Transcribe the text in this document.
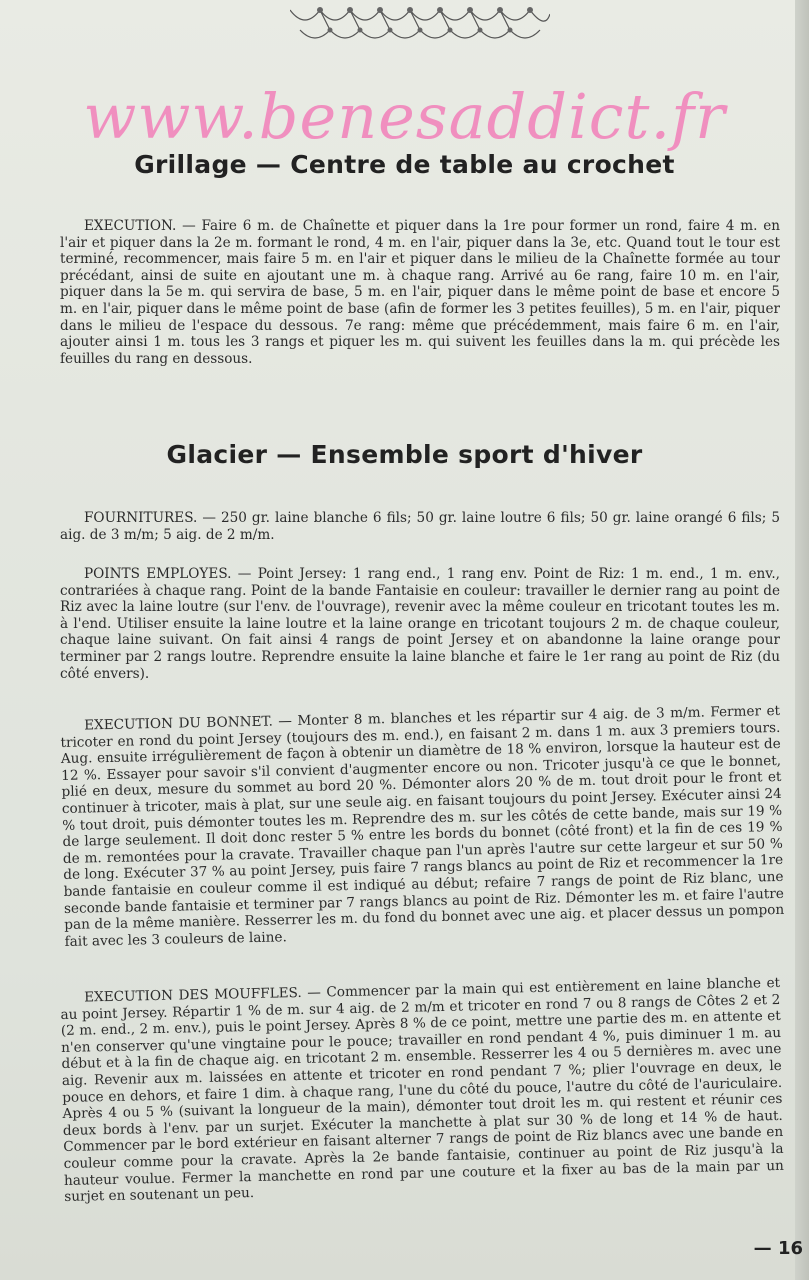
www.benesaddict.fr
Grillage — Centre de table au crochet
EXECUTION. — Faire 6 m. de Chaînette et piquer dans la 1re pour former un rond, faire 4 m. en l'air et piquer dans la 2e m. formant le rond, 4 m. en l'air, piquer dans la 3e, etc. Quand tout le tour est terminé, recommencer, mais faire 5 m. en l'air et piquer dans le milieu de la Chaînette formée au tour précédant, ainsi de suite en ajoutant une m. à chaque rang. Arrivé au 6e rang, faire 10 m. en l'air, piquer dans la 5e m. qui servira de base, 5 m. en l'air, piquer dans le même point de base et encore 5 m. en l'air, piquer dans le même point de base (afin de former les 3 petites feuilles), 5 m. en l'air, piquer dans le milieu de l'espace du dessous. 7e rang: même que précédemment, mais faire 6 m. en l'air, ajouter ainsi 1 m. tous les 3 rangs et piquer les m. qui suivent les feuilles dans la m. qui précède les feuilles du rang en dessous.
Glacier — Ensemble sport d'hiver
FOURNITURES. — 250 gr. laine blanche 6 fils; 50 gr. laine loutre 6 fils; 50 gr. laine orangé 6 fils; 5 aig. de 3 m/m; 5 aig. de 2 m/m.
POINTS EMPLOYES. — Point Jersey: 1 rang end., 1 rang env. Point de Riz: 1 m. end., 1 m. env., contrariées à chaque rang. Point de la bande Fantaisie en couleur: travailler le dernier rang au point de Riz avec la laine loutre (sur l'env. de l'ouvrage), revenir avec la même couleur en tricotant toutes les m. à l'end. Utiliser ensuite la laine loutre et la laine orange en tricotant toujours 2 m. de chaque couleur, chaque laine suivant. On fait ainsi 4 rangs de point Jersey et on abandonne la laine orange pour terminer par 2 rangs loutre. Reprendre ensuite la laine blanche et faire le 1er rang au point de Riz (du côté envers).
EXECUTION DU BONNET. — Monter 8 m. blanches et les répartir sur 4 aig. de 3 m/m. Fermer et tricoter en rond du point Jersey (toujours des m. end.), en faisant 2 m. dans 1 m. aux 3 premiers tours. Aug. ensuite irrégulièrement de façon à obtenir un diamètre de 18 % environ, lorsque la hauteur est de 12 %. Essayer pour savoir s'il convient d'augmenter encore ou non. Tricoter jusqu'à ce que le bonnet, plié en deux, mesure du sommet au bord 20 %. Démonter alors 20 % de m. tout droit pour le front et continuer à tricoter, mais à plat, sur une seule aig. en faisant toujours du point Jersey. Exécuter ainsi 24 % tout droit, puis démonter toutes les m. Reprendre des m. sur les côtés de cette bande, mais sur 19 % de large seulement. Il doit donc rester 5 % entre les bords du bonnet (côté front) et la fin de ces 19 % de m. remontées pour la cravate. Travailler chaque pan l'un après l'autre sur cette largeur et sur 50 % de long. Exécuter 37 % au point Jersey, puis faire 7 rangs blancs au point de Riz et recommencer la 1re bande fantaisie en couleur comme il est indiqué au début; refaire 7 rangs de point de Riz blanc, une seconde bande fantaisie et terminer par 7 rangs blancs au point de Riz. Démonter les m. et faire l'autre pan de la même manière. Resserrer les m. du fond du bonnet avec une aig. et placer dessus un pompon fait avec les 3 couleurs de laine.
EXECUTION DES MOUFFLES. — Commencer par la main qui est entièrement en laine blanche et au point Jersey. Répartir 1 % de m. sur 4 aig. de 2 m/m et tricoter en rond 7 ou 8 rangs de Côtes 2 et 2 (2 m. end., 2 m. env.), puis le point Jersey. Après 8 % de ce point, mettre une partie des m. en attente et n'en conserver qu'une vingtaine pour le pouce; travailler en rond pendant 4 %, puis diminuer 1 m. au début et à la fin de chaque aig. en tricotant 2 m. ensemble. Resserrer les 4 ou 5 dernières m. avec une aig. Revenir aux m. laissées en attente et tricoter en rond pendant 7 %; plier l'ouvrage en deux, le pouce en dehors, et faire 1 dim. à chaque rang, l'une du côté du pouce, l'autre du côté de l'auriculaire. Après 4 ou 5 % (suivant la longueur de la main), démonter tout droit les m. qui restent et réunir ces deux bords à l'env. par un surjet. Exécuter la manchette à plat sur 30 % de long et 14 % de haut. Commencer par le bord extérieur en faisant alterner 7 rangs de point de Riz blancs avec une bande en couleur comme pour la cravate. Après la 2e bande fantaisie, continuer au point de Riz jusqu'à la hauteur voulue. Fermer la manchette en rond par une couture et la fixer au bas de la main par un surjet en soutenant un peu.
— 16
